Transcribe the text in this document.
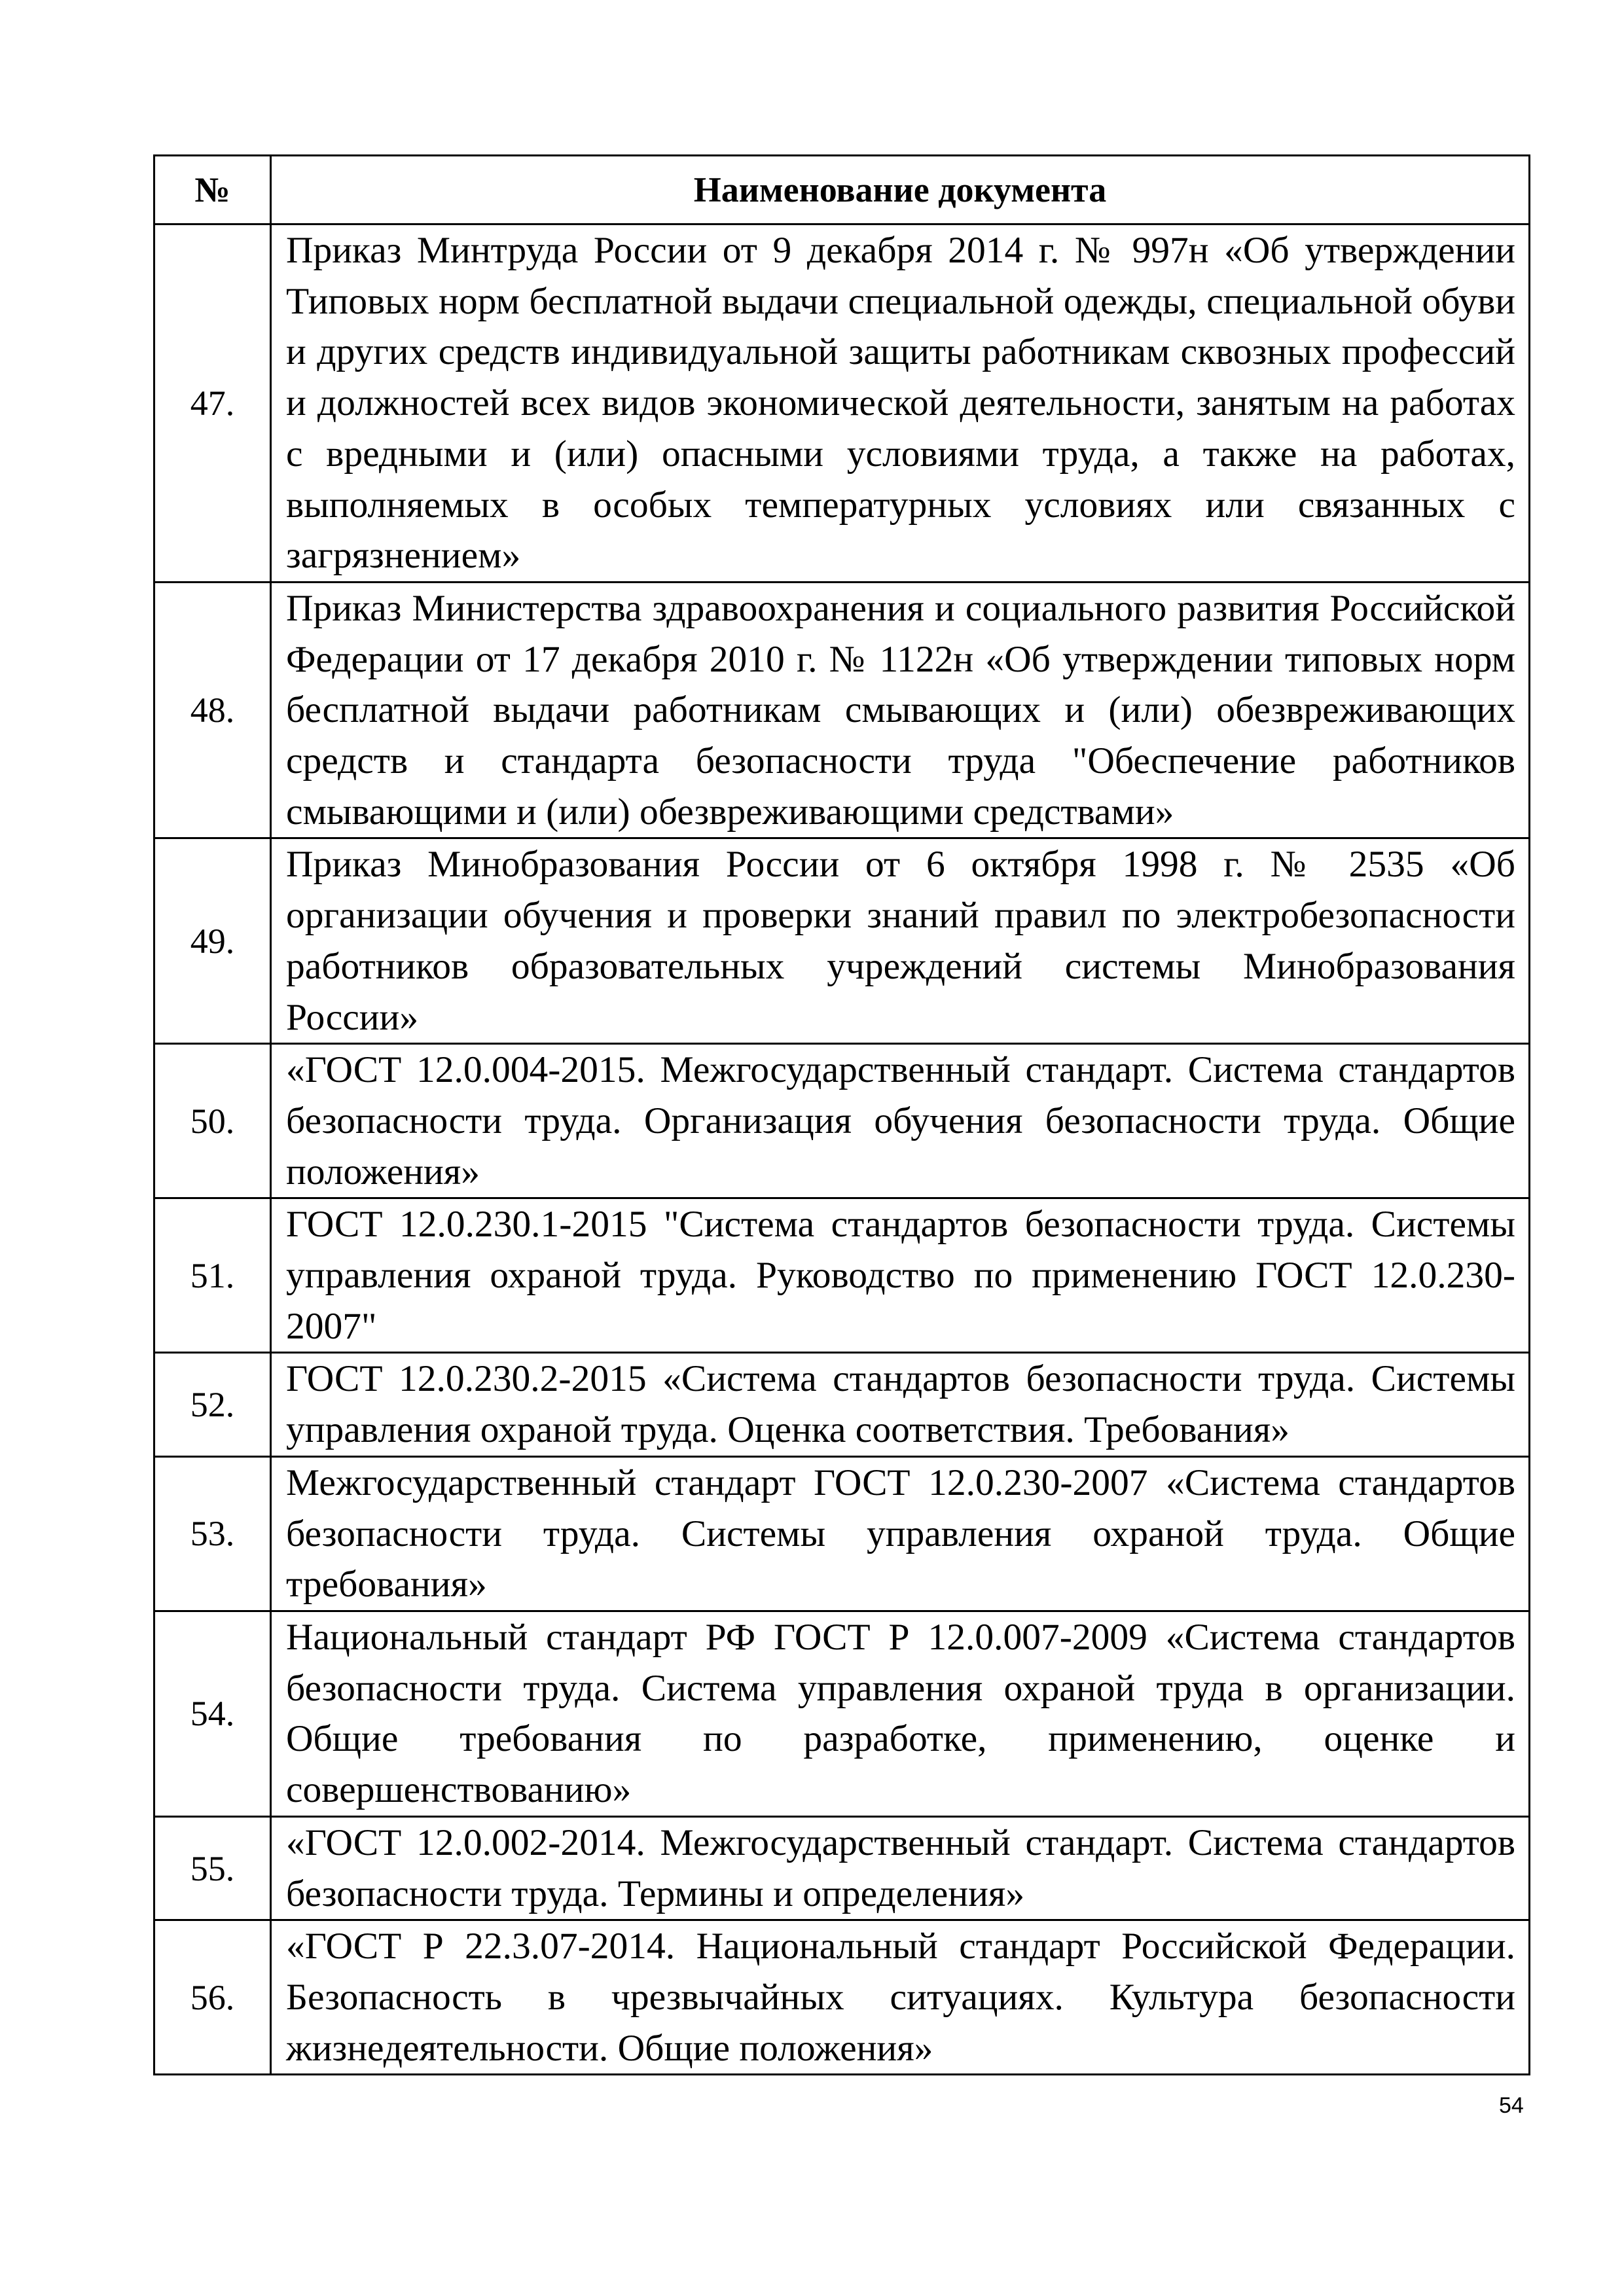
№	Наименование документа
47.	Приказ Минтруда России от 9 декабря 2014 г. № 997н «Об утверждении Типовых норм бесплатной выдачи специальной одежды, специальной обуви и других средств индивидуальной защиты работникам сквозных профессий и должностей всех видов экономической деятельности, занятым на работах с вредными и (или) опасными условиями труда, а также на работах, выполняемых в особых температурных условиях или связанных с загрязнением»
48.	Приказ Министерства здравоохранения и социального развития Российской Федерации от 17 декабря 2010 г. № 1122н «Об утверждении типовых норм бесплатной выдачи работникам смывающих и (или) обезвреживающих средств и стандарта безопасности труда "Обеспечение работников смывающими и (или) обезвреживающими средствами»
49.	Приказ Минобразования России от 6 октября 1998 г. № 2535 «Об организации обучения и проверки знаний правил по электробезопасности работников образовательных учреждений системы Минобразования России»
50.	«ГОСТ 12.0.004-2015. Межгосударственный стандарт. Система стандартов безопасности труда. Организация обучения безопасности труда. Общие положения»
51.	ГОСТ 12.0.230.1-2015 "Система стандартов безопасности труда. Системы управления охраной труда. Руководство по применению ГОСТ 12.0.230-2007"
52.	ГОСТ 12.0.230.2-2015 «Система стандартов безопасности труда. Системы управления охраной труда. Оценка соответствия. Требования»
53.	Межгосударственный стандарт ГОСТ 12.0.230-2007 «Система стандартов безопасности труда. Системы управления охраной труда. Общие требования»
54.	Национальный стандарт РФ ГОСТ Р 12.0.007-2009 «Система стандартов безопасности труда. Система управления охраной труда в организации. Общие требования по разработке, применению, оценке и совершенствованию»
55.	«ГОСТ 12.0.002-2014. Межгосударственный стандарт. Система стандартов безопасности труда. Термины и определения»
56.	«ГОСТ Р 22.3.07-2014. Национальный стандарт Российской Федерации. Безопасность в чрезвычайных ситуациях. Культура безопасности жизнедеятельности. Общие положения»
54
